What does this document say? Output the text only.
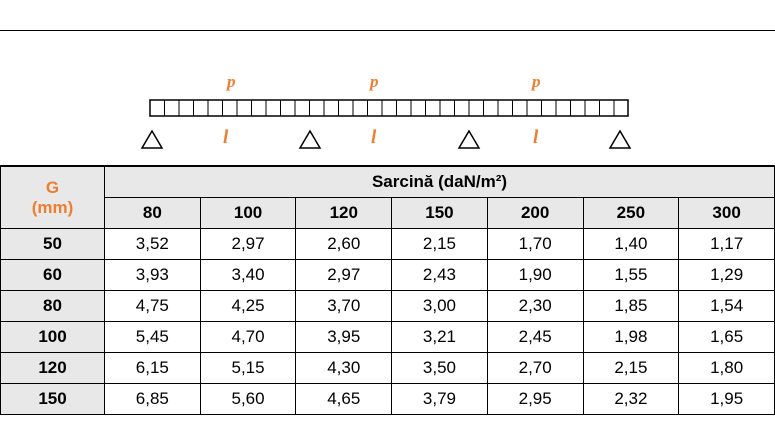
p	p	p
l	l	l
G
(mm)	Sarcină (daN/m²)						
	80	100	120	150	200	250	300
50	3,52	2,97	2,60	2,15	1,70	1,40	1,17
60	3,93	3,40	2,97	2,43	1,90	1,55	1,29
80	4,75	4,25	3,70	3,00	2,30	1,85	1,54
100	5,45	4,70	3,95	3,21	2,45	1,98	1,65
120	6,15	5,15	4,30	3,50	2,70	2,15	1,80
150	6,85	5,60	4,65	3,79	2,95	2,32	1,95
